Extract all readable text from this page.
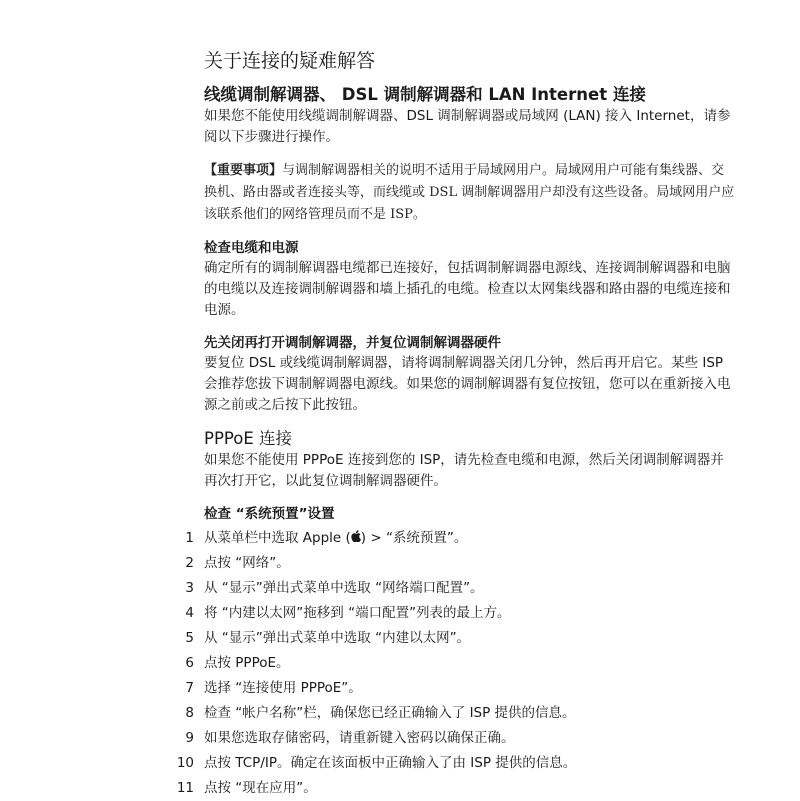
关于连接的疑难解答
线缆调制解调器、 DSL 调制解调器和 LAN Internet 连接

如果您不能使用线缆调制解调器、DSL 调制解调器或局域网 (LAN) 接入 Internet，请参阅以下步骤进行操作。

【重要事项】与调制解调器相关的说明不适用于局域网用户。局域网用户可能有集线器、交换机、路由器或者连接头等，而线缆或 DSL 调制解调器用户却没有这些设备。局域网用户应该联系他们的网络管理员而不是 ISP。

检查电缆和电源

确定所有的调制解调器电缆都已连接好，包括调制解调器电源线、连接调制解调器和电脑的电缆以及连接调制解调器和墙上插孔的电缆。检查以太网集线器和路由器的电缆连接和电源。

先关闭再打开调制解调器，并复位调制解调器硬件

要复位 DSL 或线缆调制解调器，请将调制解调器关闭几分钟，然后再开启它。某些 ISP 会推荐您拔下调制解调器电源线。如果您的调制解调器有复位按钮，您可以在重新接入电源之前或之后按下此按钮。

PPPoE 连接

如果您不能使用 PPPoE 连接到您的 ISP，请先检查电缆和电源，然后关闭调制解调器并再次打开它，以此复位调制解调器硬件。

检查 “系统预置”设置
1 从菜单栏中选取 Apple ( ) > “系统预置”。
2 点按 “网络”。
3 从 “显示”弹出式菜单中选取 “网络端口配置”。
4 将 “内建以太网”拖移到 “端口配置”列表的最上方。
5 从 “显示”弹出式菜单中选取 “内建以太网”。
6 点按 PPPoE。
7 选择 “连接使用 PPPoE”。
8 检查 “帐户名称”栏，确保您已经正确输入了 ISP 提供的信息。
9 如果您选取存储密码，请重新键入密码以确保正确。
10 点按 TCP/IP。确定在该面板中正确输入了由 ISP 提供的信息。
11 点按 “现在应用”。
